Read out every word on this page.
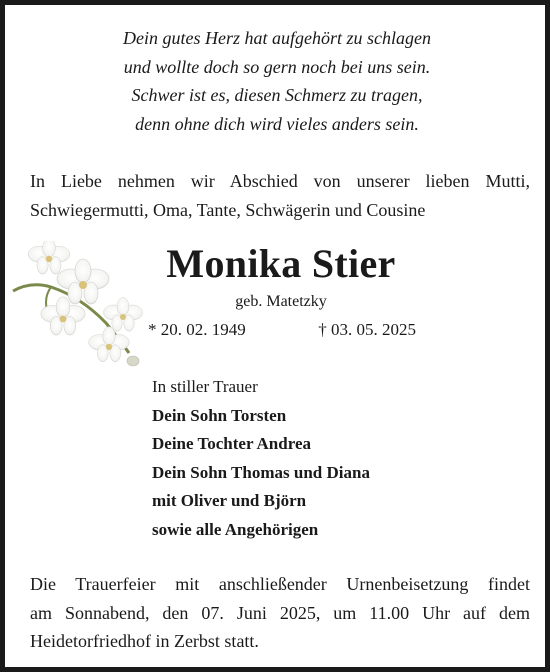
Dein gutes Herz hat aufgehört zu schlagen
und wollte doch so gern noch bei uns sein.
Schwer ist es, diesen Schmerz zu tragen,
denn ohne dich wird vieles anders sein.

In Liebe nehmen wir Abschied von unserer lieben Mutti,
Schwiegermutti, Oma, Tante, Schwägerin und Cousine

Monika Stier

geb. Matetzky

* 20. 02. 1949	† 03. 05. 2025
In stiller Trauer
Dein Sohn Torsten
Deine Tochter Andrea
Dein Sohn Thomas und Diana
mit Oliver und Björn
sowie alle Angehörigen

Die Trauerfeier mit anschließender Urnenbeisetzung findet
am Sonnabend, den 07. Juni 2025, um 11.00 Uhr auf dem
Heidetorfriedhof in Zerbst statt.
